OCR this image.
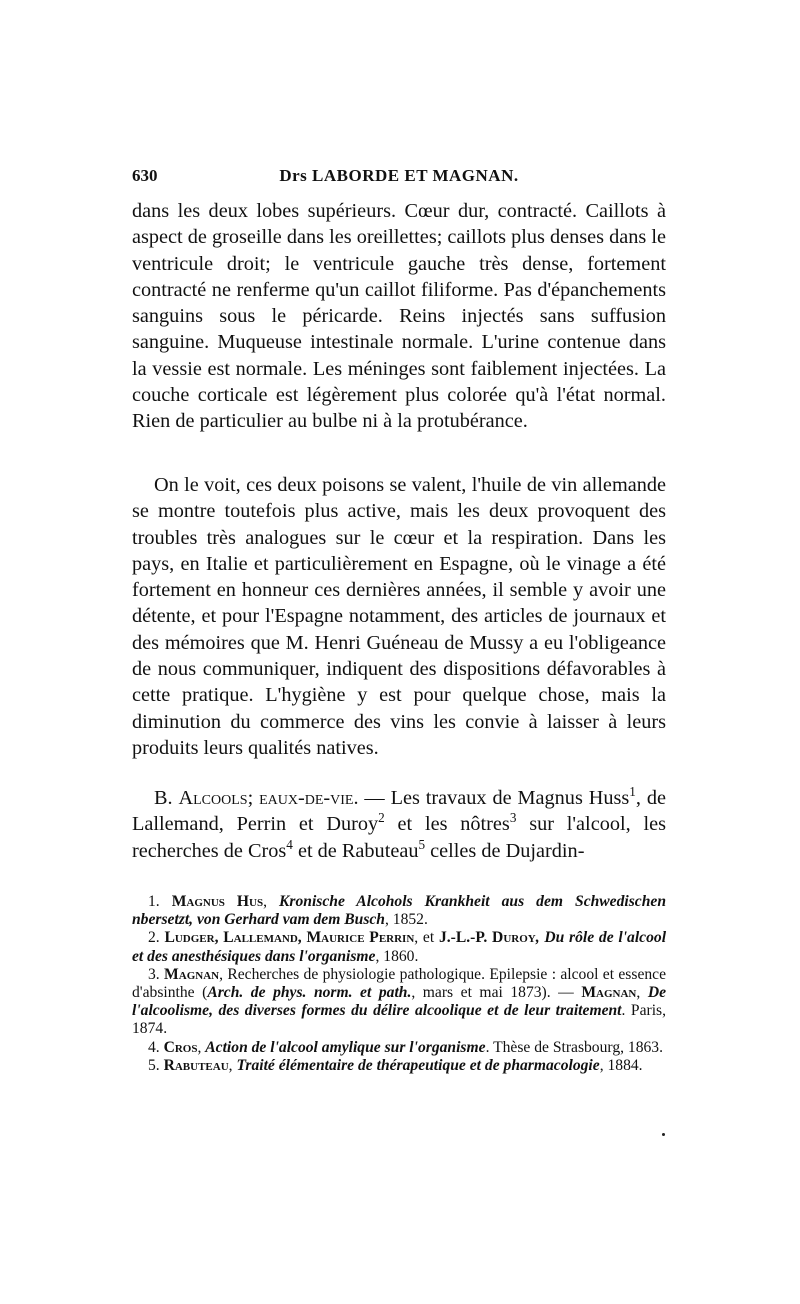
630	Drs LABORDE ET MAGNAN.

dans les deux lobes supérieurs. Cœur dur, contracté. Caillots à aspect de groseille dans les oreillettes; caillots plus denses dans le ventricule droit; le ventricule gauche très dense, fortement contracté ne renferme qu'un caillot filiforme. Pas d'épanchements sanguins sous le péricarde. Reins injectés sans suffusion sanguine. Muqueuse intestinale normale. L'urine contenue dans la vessie est normale. Les méninges sont faiblement injectées. La couche corticale est légèrement plus colorée qu'à l'état normal. Rien de particulier au bulbe ni à la protubérance.

On le voit, ces deux poisons se valent, l'huile de vin allemande se montre toutefois plus active, mais les deux provoquent des troubles très analogues sur le cœur et la respiration. Dans les pays, en Italie et particulièrement en Espagne, où le vinage a été fortement en honneur ces dernières années, il semble y avoir une détente, et pour l'Espagne notamment, des articles de journaux et des mémoires que M. Henri Guéneau de Mussy a eu l'obligeance de nous communiquer, indiquent des dispositions défavorables à cette pratique. L'hygiène y est pour quelque chose, mais la diminution du commerce des vins les convie à laisser à leurs produits leurs qualités natives.

B. Alcools; eaux-de-vie. — Les travaux de Magnus Huss$^1$, de Lallemand, Perrin et Duroy$^2$ et les nôtres$^3$ sur l'alcool, les recherches de Cros$^4$ et de Rabuteau$^5$ celles de Dujardin-

1. Magnus Hus, Kronische Alcohols Krankheit aus dem Schwedischen nbersetzt, von Gerhard vam dem Busch, 1852.

2. Ludger, Lallemand, Maurice Perrin, et J.-L.-P. Duroy, Du rôle de l'alcool et des anesthésiques dans l'organisme, 1860.

3. Magnan, Recherches de physiologie pathologique. Epilepsie : alcool et essence d'absinthe (Arch. de phys. norm. et path., mars et mai 1873). — Magnan, De l'alcoolisme, des diverses formes du délire alcoolique et de leur traitement. Paris, 1874.

4. Cros, Action de l'alcool amylique sur l'organisme. Thèse de Strasbourg, 1863.

5. Rabuteau, Traité élémentaire de thérapeutique et de pharmacologie, 1884.
